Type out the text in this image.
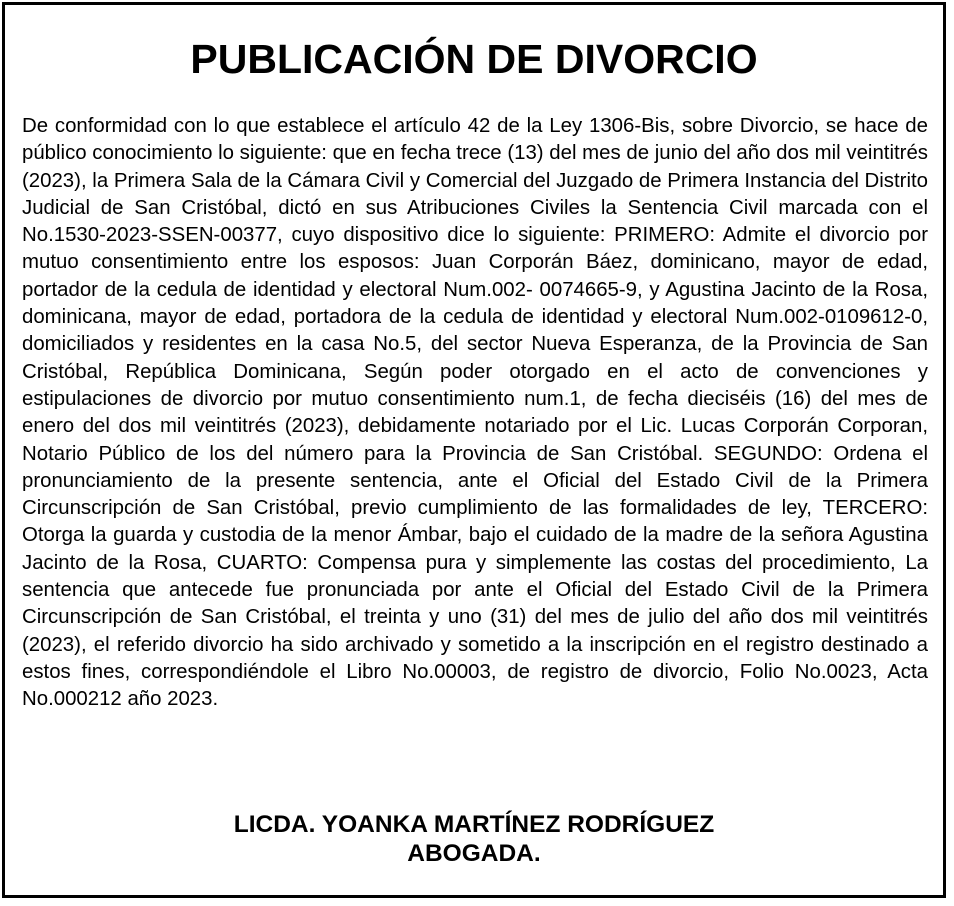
PUBLICACIÓN DE DIVORCIO

De conformidad con lo que establece el artículo 42 de la Ley 1306-Bis, sobre Divorcio, se hace de público conocimiento lo siguiente: que en fecha trece (13) del mes de junio del año dos mil veintitrés (2023), la Primera Sala de la Cámara Civil y Comercial del Juzgado de Primera Instancia del Distrito Judicial de San Cristóbal, dictó en sus Atribuciones Civiles la Sentencia Civil marcada con el No.1530-2023-SSEN-00377, cuyo dispositivo dice lo siguiente: PRIMERO: Admite el divorcio por mutuo consentimiento entre los esposos: Juan Corporán Báez, dominicano, mayor de edad, portador de la cedula de identidad y electoral Num.002- 0074665-9, y Agustina Jacinto de la Rosa, dominicana, mayor de edad, portadora de la cedula de identidad y electoral Num.002-0109612-0, domiciliados y residentes en la casa No.5, del sector Nueva Esperanza, de la Provincia de San Cristóbal, República Dominicana, Según poder otorgado en el acto de convenciones y estipulaciones de divorcio por mutuo consentimiento num.1, de fecha dieciséis (16) del mes de enero del dos mil veintitrés (2023), debidamente notariado por el Lic. Lucas Corporán Corporan, Notario Público de los del número para la Provincia de San Cristóbal. SEGUNDO: Ordena el pronunciamiento de la presente sentencia, ante el Oficial del Estado Civil de la Primera Circunscripción de San Cristóbal, previo cumplimiento de las formalidades de ley, TERCERO: Otorga la guarda y custodia de la menor Ámbar, bajo el cuidado de la madre de la señora Agustina Jacinto de la Rosa, CUARTO: Compensa pura y simplemente las costas del procedimiento, La sentencia que antecede fue pronunciada por ante el Oficial del Estado Civil de la Primera Circunscripción de San Cristóbal, el treinta y uno (31) del mes de julio del año dos mil veintitrés (2023), el referido divorcio ha sido archivado y sometido a la inscripción en el registro destinado a estos fines, correspondiéndole el Libro No.00003, de registro de divorcio, Folio No.0023, Acta No.000212 año 2023.

LICDA. YOANKA MARTÍNEZ RODRÍGUEZ
ABOGADA.
